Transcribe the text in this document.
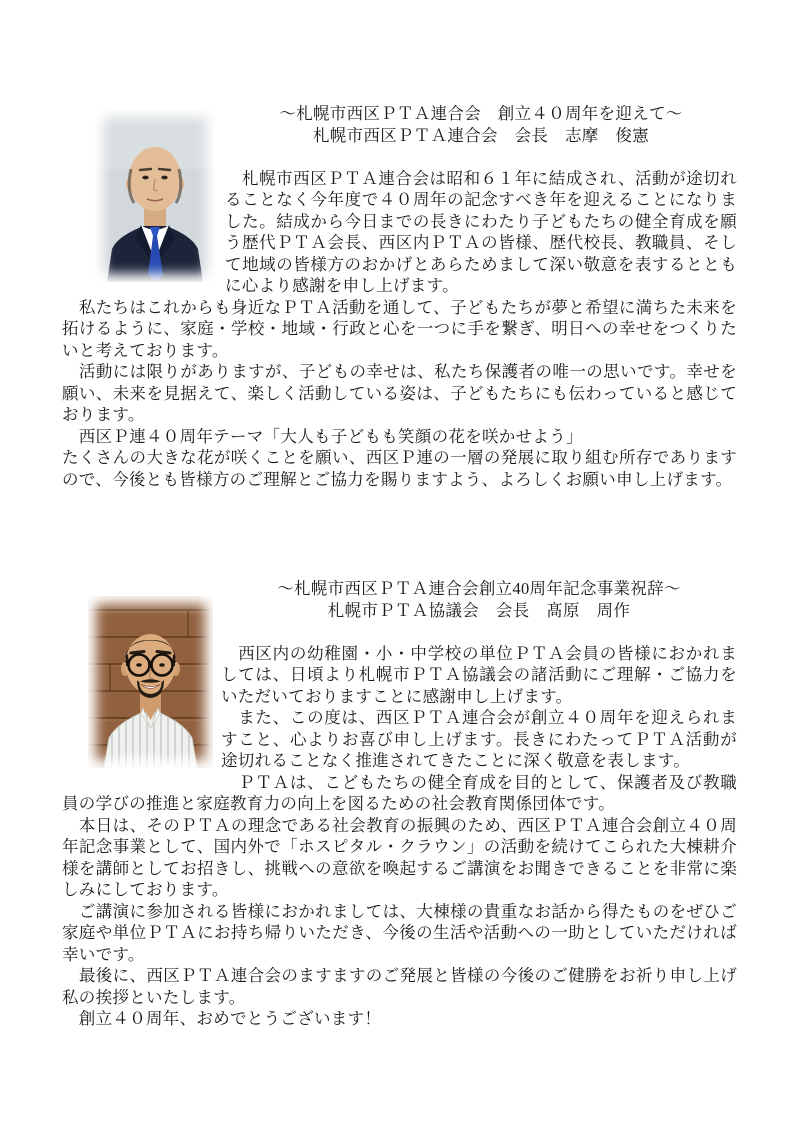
～札幌市西区ＰＴＡ連合会　創立４０周年を迎えて～
札幌市西区ＰＴＡ連合会　会長　志摩　俊憲

　札幌市西区ＰＴＡ連合会は昭和６１年に結成され、活動が途切れることなく今年度で４０周年の記念すべき年を迎えることになりました。結成から今日までの長きにわたり子どもたちの健全育成を願う歴代ＰＴＡ会長、西区内ＰＴＡの皆様、歴代校長、教職員、そして地域の皆様方のおかげとあらためまして深い敬意を表するとともに心より感謝を申し上げます。

　私たちはこれからも身近なＰＴＡ活動を通して、子どもたちが夢と希望に満ちた未来を拓けるように、家庭・学校・地域・行政と心を一つに手を繋ぎ、明日への幸せをつくりたいと考えております。

　活動には限りがありますが、子どもの幸せは、私たち保護者の唯一の思いです。幸せを願い、未来を見据えて、楽しく活動している姿は、子どもたちにも伝わっていると感じております。

　西区Ｐ連４０周年テーマ「大人も子どもも笑顔の花を咲かせよう」

たくさんの大きな花が咲くことを願い、西区Ｐ連の一層の発展に取り組む所存でありますので、今後とも皆様方のご理解とご協力を賜りますよう、よろしくお願い申し上げます。

～札幌市西区ＰＴＡ連合会創立40周年記念事業祝辞～
札幌市ＰＴＡ協議会　会長　髙原　周作

　西区内の幼稚園・小・中学校の単位ＰＴＡ会員の皆様におかれましては、日頃より札幌市ＰＴＡ協議会の諸活動にご理解・ご協力をいただいておりますことに感謝申し上げます。

　また、この度は、西区ＰＴＡ連合会が創立４０周年を迎えられますこと、心よりお喜び申し上げます。長きにわたってＰＴＡ活動が途切れることなく推進されてきたことに深く敬意を表します。

　ＰＴＡは、こどもたちの健全育成を目的として、保護者及び教職員の学びの推進と家庭教育力の向上を図るための社会教育関係団体です。

　本日は、そのＰＴＡの理念である社会教育の振興のため、西区ＰＴＡ連合会創立４０周年記念事業として、国内外で「ホスピタル・クラウン」の活動を続けてこられた大棟耕介様を講師としてお招きし、挑戦への意欲を喚起するご講演をお聞きできることを非常に楽しみにしております。

　ご講演に参加される皆様におかれましては、大棟様の貴重なお話から得たものをぜひご家庭や単位ＰＴＡにお持ち帰りいただき、今後の生活や活動への一助としていただければ幸いです。

　最後に、西区ＰＴＡ連合会のますますのご発展と皆様の今後のご健勝をお祈り申し上げ私の挨拶といたします。

　創立４０周年、おめでとうございます！
